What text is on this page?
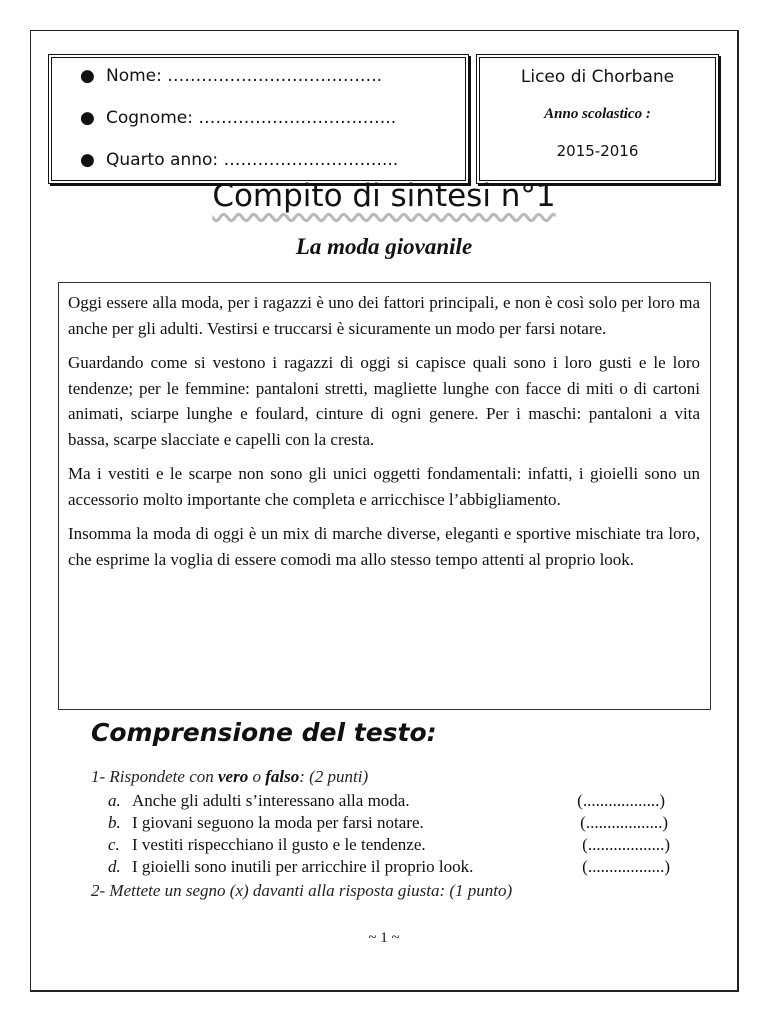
● Nome: ………………………………..
● Cognome: ……………………………..
● Quarto anno: ………………………....
Liceo di Chorbane
Anno scolastico :
2015-2016
Compito di sintesi n°1
La moda giovanile

Oggi essere alla moda, per i ragazzi è uno dei fattori principali, e non è così solo per loro ma anche per gli adulti. Vestirsi e truccarsi è sicuramente un modo per farsi notare.

Guardando come si vestono i ragazzi di oggi si capisce quali sono i loro gusti e le loro tendenze; per le femmine: pantaloni stretti, magliette lunghe con facce di miti o di cartoni animati, sciarpe lunghe e foulard, cinture di ogni genere. Per i maschi: pantaloni a vita bassa, scarpe slacciate e capelli con la cresta.

Ma i vestiti e le scarpe non sono gli unici oggetti fondamentali: infatti, i gioielli sono un accessorio molto importante che completa e arricchisce l’abbigliamento.

Insomma la moda di oggi è un mix di marche diverse, eleganti e sportive mischiate tra loro, che esprime la voglia di essere comodi ma allo stesso tempo attenti al proprio look.

Comprensione del testo:
1- Rispondete con vero o falso: (2 punti)
a. Anche gli adulti s’interessano alla moda.	(..................)
b. I giovani seguono la moda per farsi notare.	(..................)
c. I vestiti rispecchiano il gusto e le tendenze.	(..................)
d. I gioielli sono inutili per arricchire il proprio look.	(..................)
2- Mettete un segno (x) davanti alla risposta giusta: (1 punto)
~ 1 ~
